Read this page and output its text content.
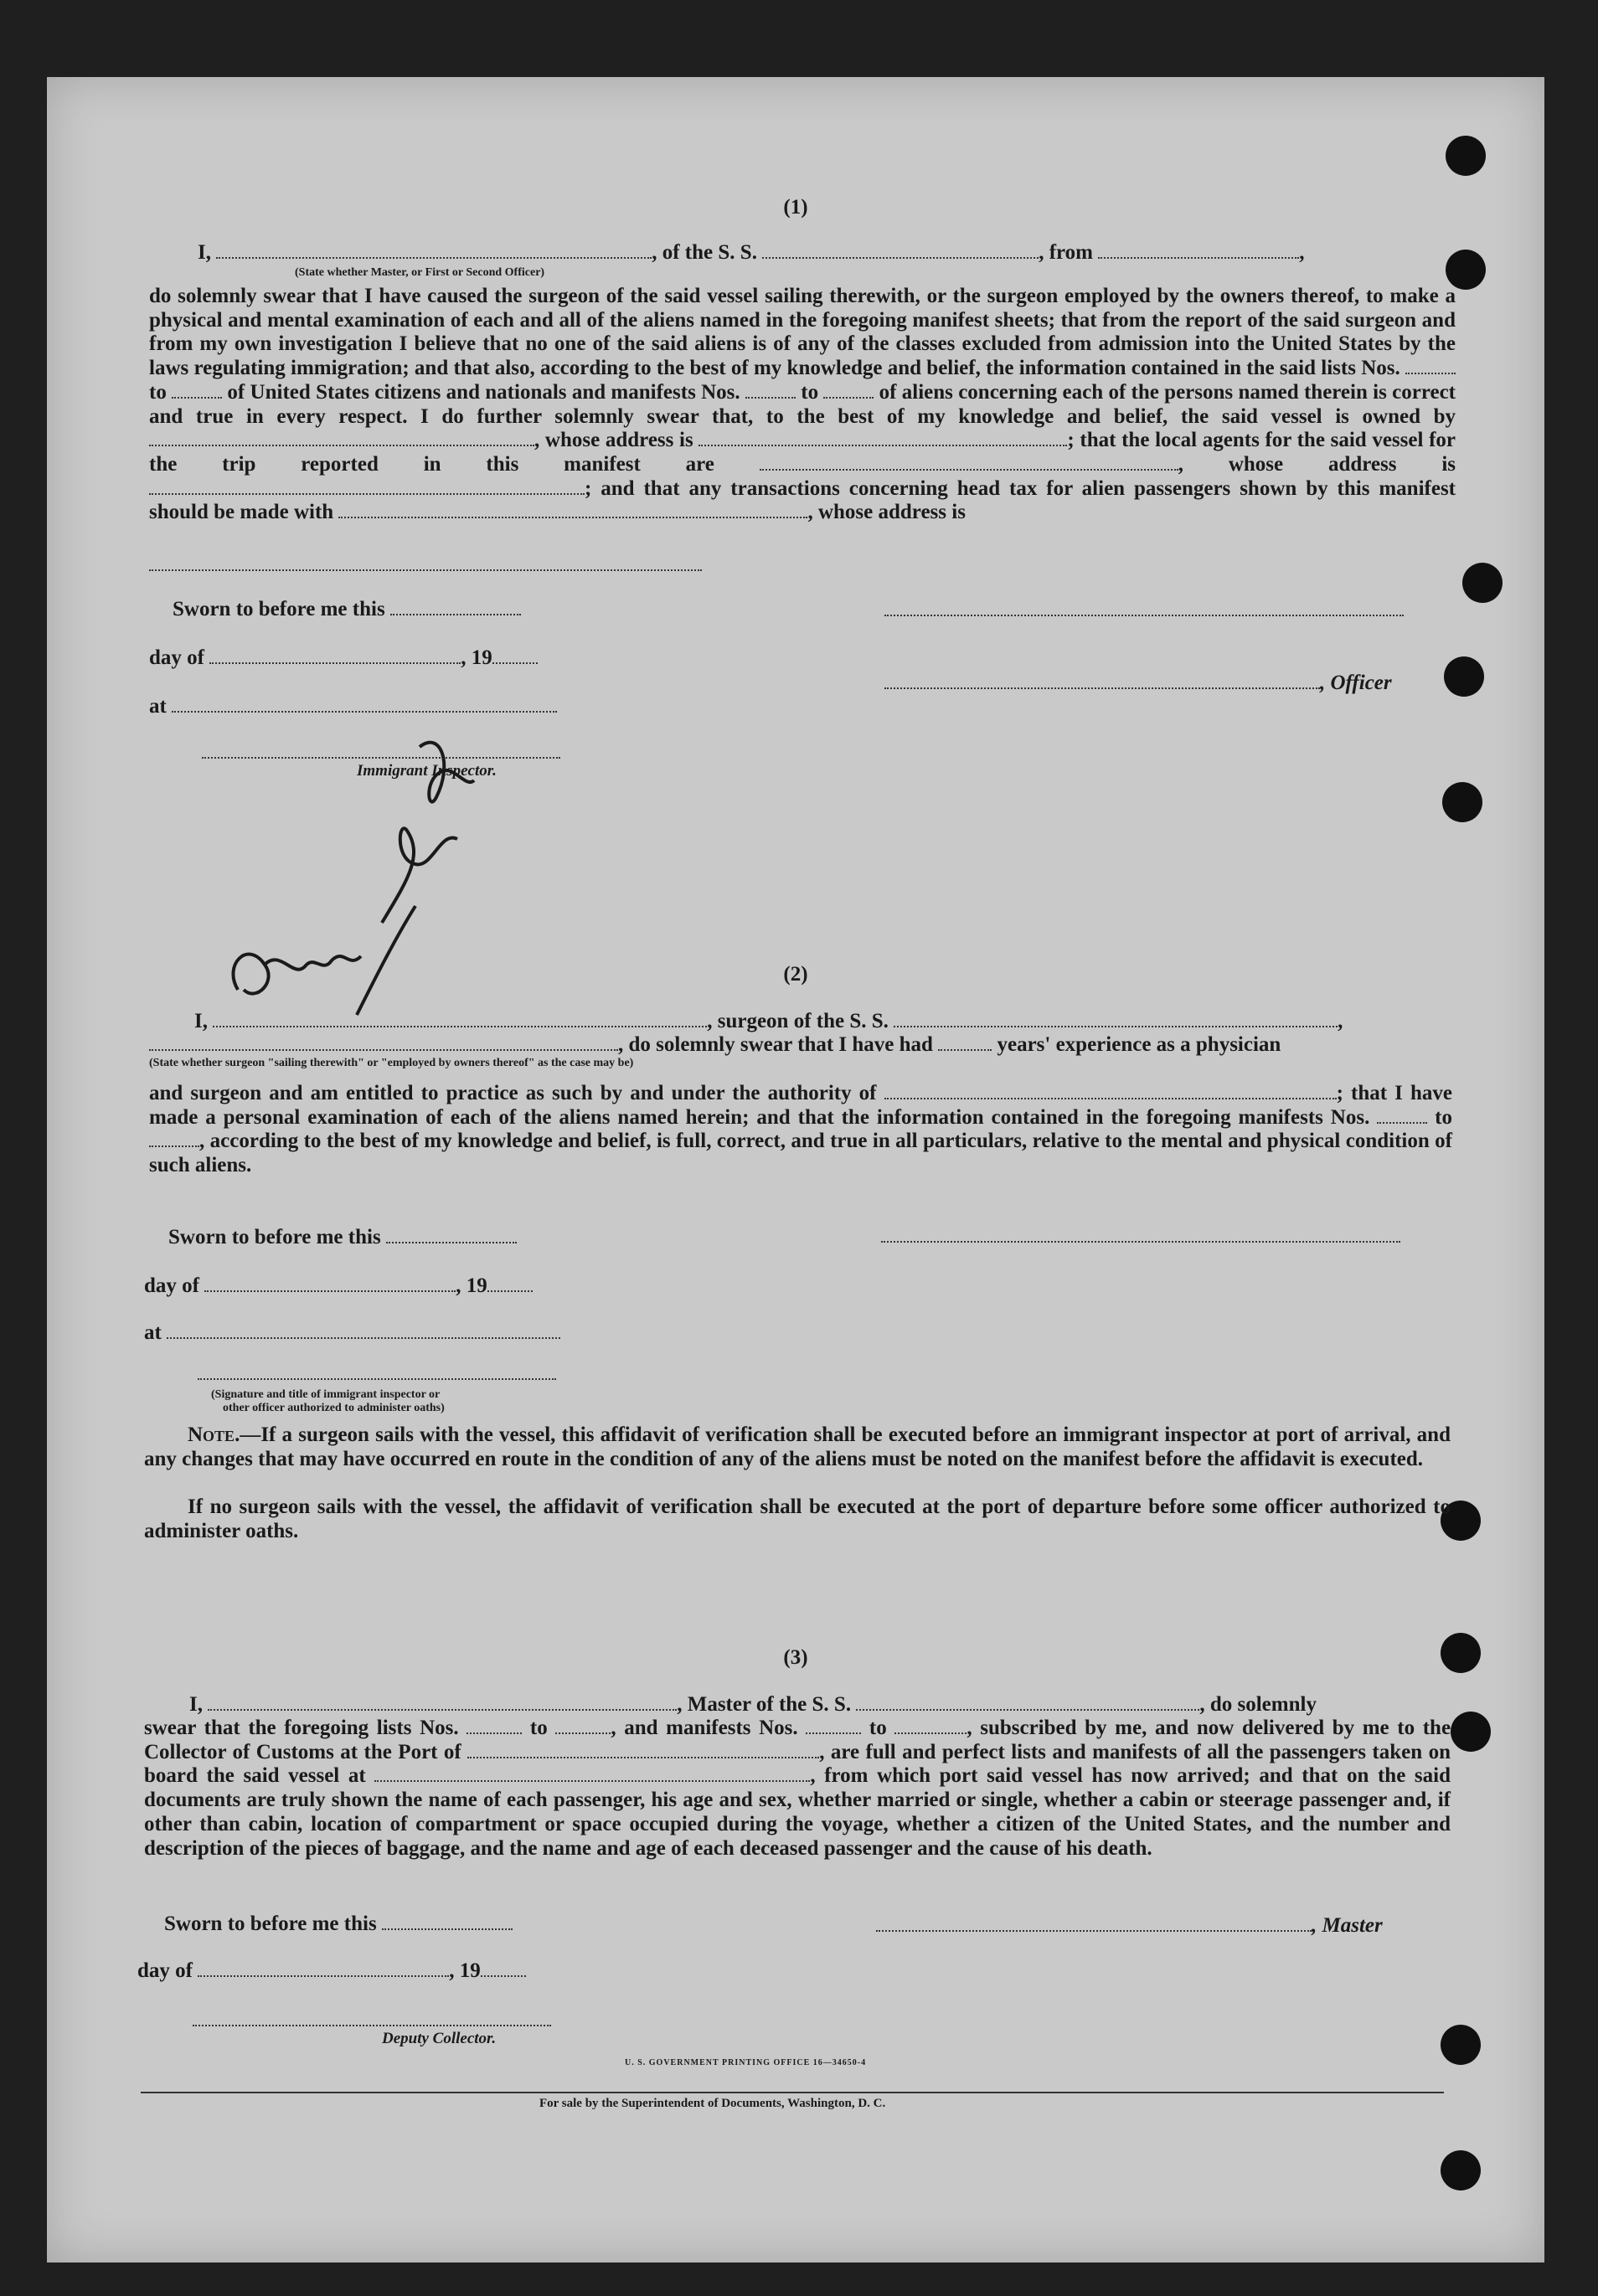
(1)
I,	, of the S. S.	, from	,
(State whether Master, or First or Second Officer)
do solemnly swear that I have caused the surgeon of the said vessel sailing therewith, or the surgeon employed by the owners thereof, to make a physical and mental examination of each and all of the aliens named in the foregoing manifest sheets; that from the report of the said surgeon and from my own investigation I believe that no one of the said aliens is of any of the classes excluded from admission into the United States by the laws regulating immigration; and that also, according to the best of my knowledge and belief, the information contained in the said lists Nos.  to	of United States citizens and nationals and manifests Nos.	to	of aliens concerning each of the persons named therein is correct and true in every respect. I do further solemnly swear that, to the best of my knowledge and belief, the said vessel is owned by , whose address is	; that the local agents for the said vessel for the trip reported in this manifest are	, whose address is ; and that any transactions concerning head tax for alien passengers shown by this manifest should be made with	, whose address is
Sworn to before me this
day of	, 19
, Officer
at
Immigrant Inspector.
(2)
I,	, surgeon of the S. S.	,
, do solemnly swear that I have had	years' experience as a physician
(State whether surgeon "sailing therewith" or "employed by owners thereof" as the case may be)
and surgeon and am entitled to practice as such by and under the authority of	; that I have made a personal examination of each of the aliens named herein; and that the information contained in the foregoing manifests Nos.	to , according to the best of my knowledge and belief, is full, correct, and true in all particulars, relative to the mental and physical condition of such aliens.
Sworn to before me this
day of	, 19
at
(Signature and title of immigrant inspector or
other officer authorized to administer oaths)
Note.—If a surgeon sails with the vessel, this affidavit of verification shall be executed before an immigrant inspector at port of arrival, and any changes that may have occurred en route in the condition of any of the aliens must be noted on the manifest before the affidavit is executed.
If no surgeon sails with the vessel, the affidavit of verification shall be executed at the port of departure before some officer authorized to administer oaths.
(3)
I,	, Master of the S. S.	, do solemnly
swear that the foregoing lists Nos.	to	, and manifests Nos.	to	, subscribed by me, and now delivered by me to the Collector of Customs at the Port of	, are full and perfect lists and manifests of all the passengers taken on board the said vessel at	, from which port said vessel has now arrived; and that on the said documents are truly shown the name of each passenger, his age and sex, whether married or single, whether a cabin or steerage passenger and, if other than cabin, location of compartment or space occupied during the voyage, whether a citizen of the United States, and the number and description of the pieces of baggage, and the name and age of each deceased passenger and the cause of his death.
Sworn to before me this	, Master
day of	, 19
Deputy Collector.
U. S. GOVERNMENT PRINTING OFFICE 16—34650-4
For sale by the Superintendent of Documents, Washington, D. C.
